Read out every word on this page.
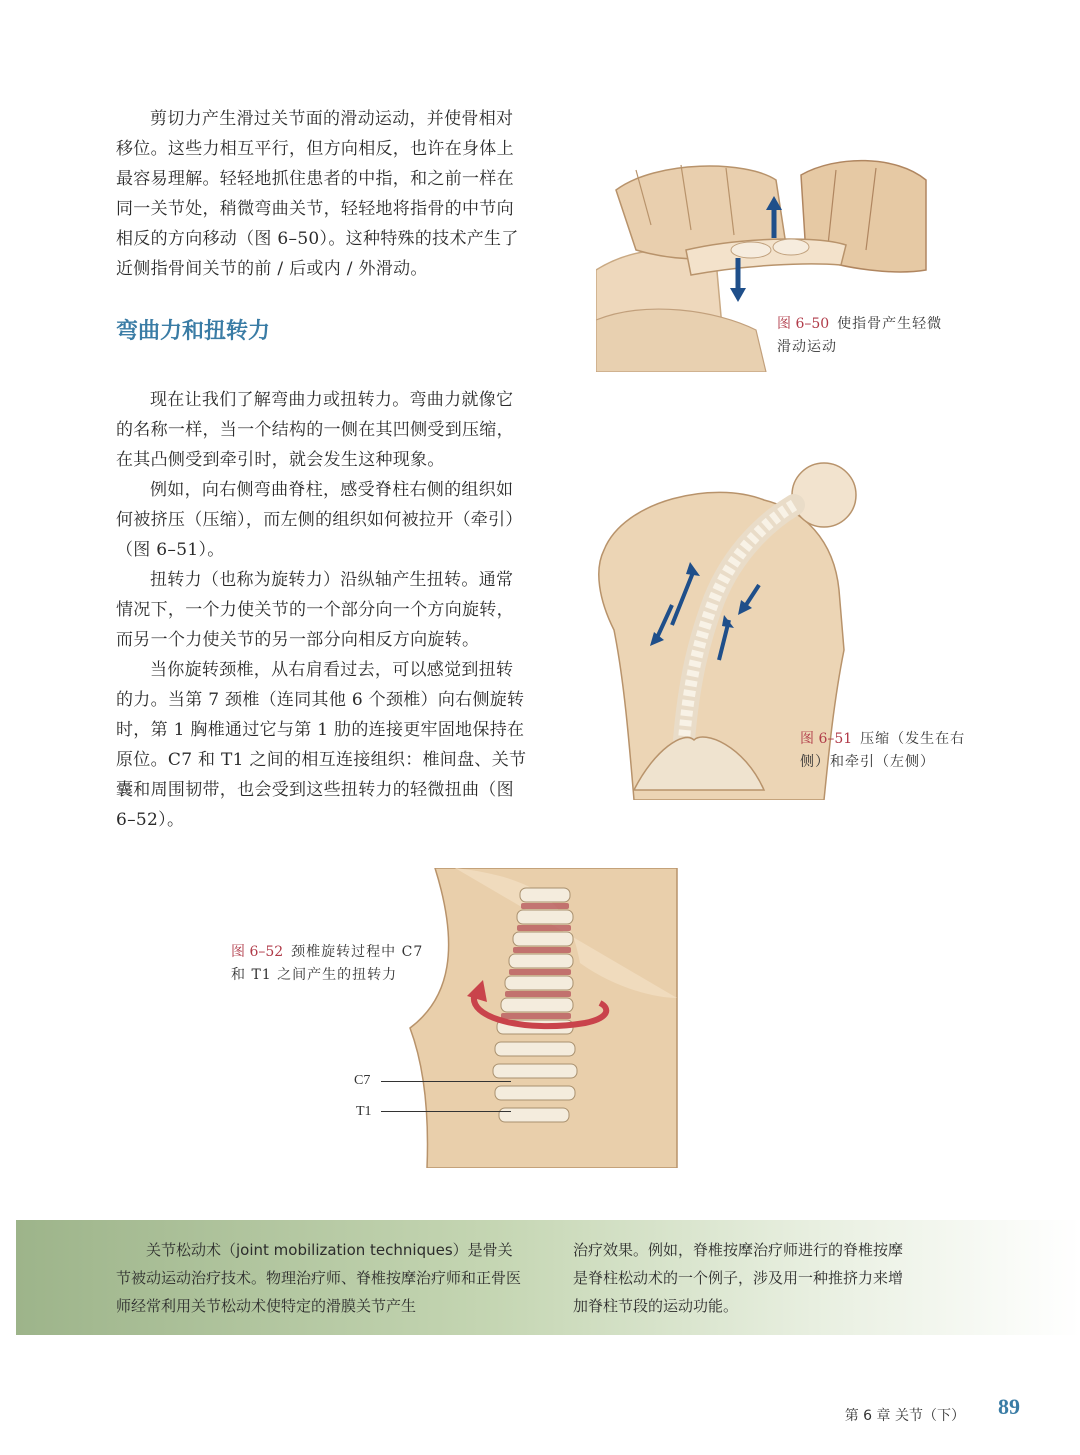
剪切力产生滑过关节面的滑动运动，并使骨相对移位。这些力相互平行，但方向相反，也许在身体上最容易理解。轻轻地抓住患者的中指，和之前一样在同一关节处，稍微弯曲关节，轻轻地将指骨的中节向相反的方向移动（图 6–50）。这种特殊的技术产生了近侧指骨间关节的前 / 后或内 / 外滑动。

弯曲力和扭转力

现在让我们了解弯曲力或扭转力。弯曲力就像它的名称一样，当一个结构的一侧在其凹侧受到压缩，在其凸侧受到牵引时，就会发生这种现象。

例如，向右侧弯曲脊柱，感受脊柱右侧的组织如何被挤压（压缩），而左侧的组织如何被拉开（牵引）（图 6–51）。

扭转力（也称为旋转力）沿纵轴产生扭转。通常情况下，一个力使关节的一个部分向一个方向旋转，而另一个力使关节的另一部分向相反方向旋转。

当你旋转颈椎，从右肩看过去，可以感觉到扭转的力。当第 7 颈椎（连同其他 6 个颈椎）向右侧旋转时，第 1 胸椎通过它与第 1 肋的连接更牢固地保持在原位。C7 和 T1 之间的相互连接组织：椎间盘、关节囊和周围韧带，也会受到这些扭转力的轻微扭曲（图 6–52）。

图 6–50 使指骨产生轻微滑动运动
图 6–51 压缩（发生在右侧）和牵引（左侧）
图 6–52 颈椎旋转过程中 C7 和 T1 之间产生的扭转力
C7
T1

关节松动术（joint mobilization techniques）是骨关节被动运动治疗技术。物理治疗师、脊椎按摩治疗师和正骨医师经常利用关节松动术使特定的滑膜关节产生

治疗效果。例如，脊椎按摩治疗师进行的脊椎按摩是脊柱松动术的一个例子，涉及用一种推挤力来增加脊柱节段的运动功能。

第 6 章 关节（下） 89
